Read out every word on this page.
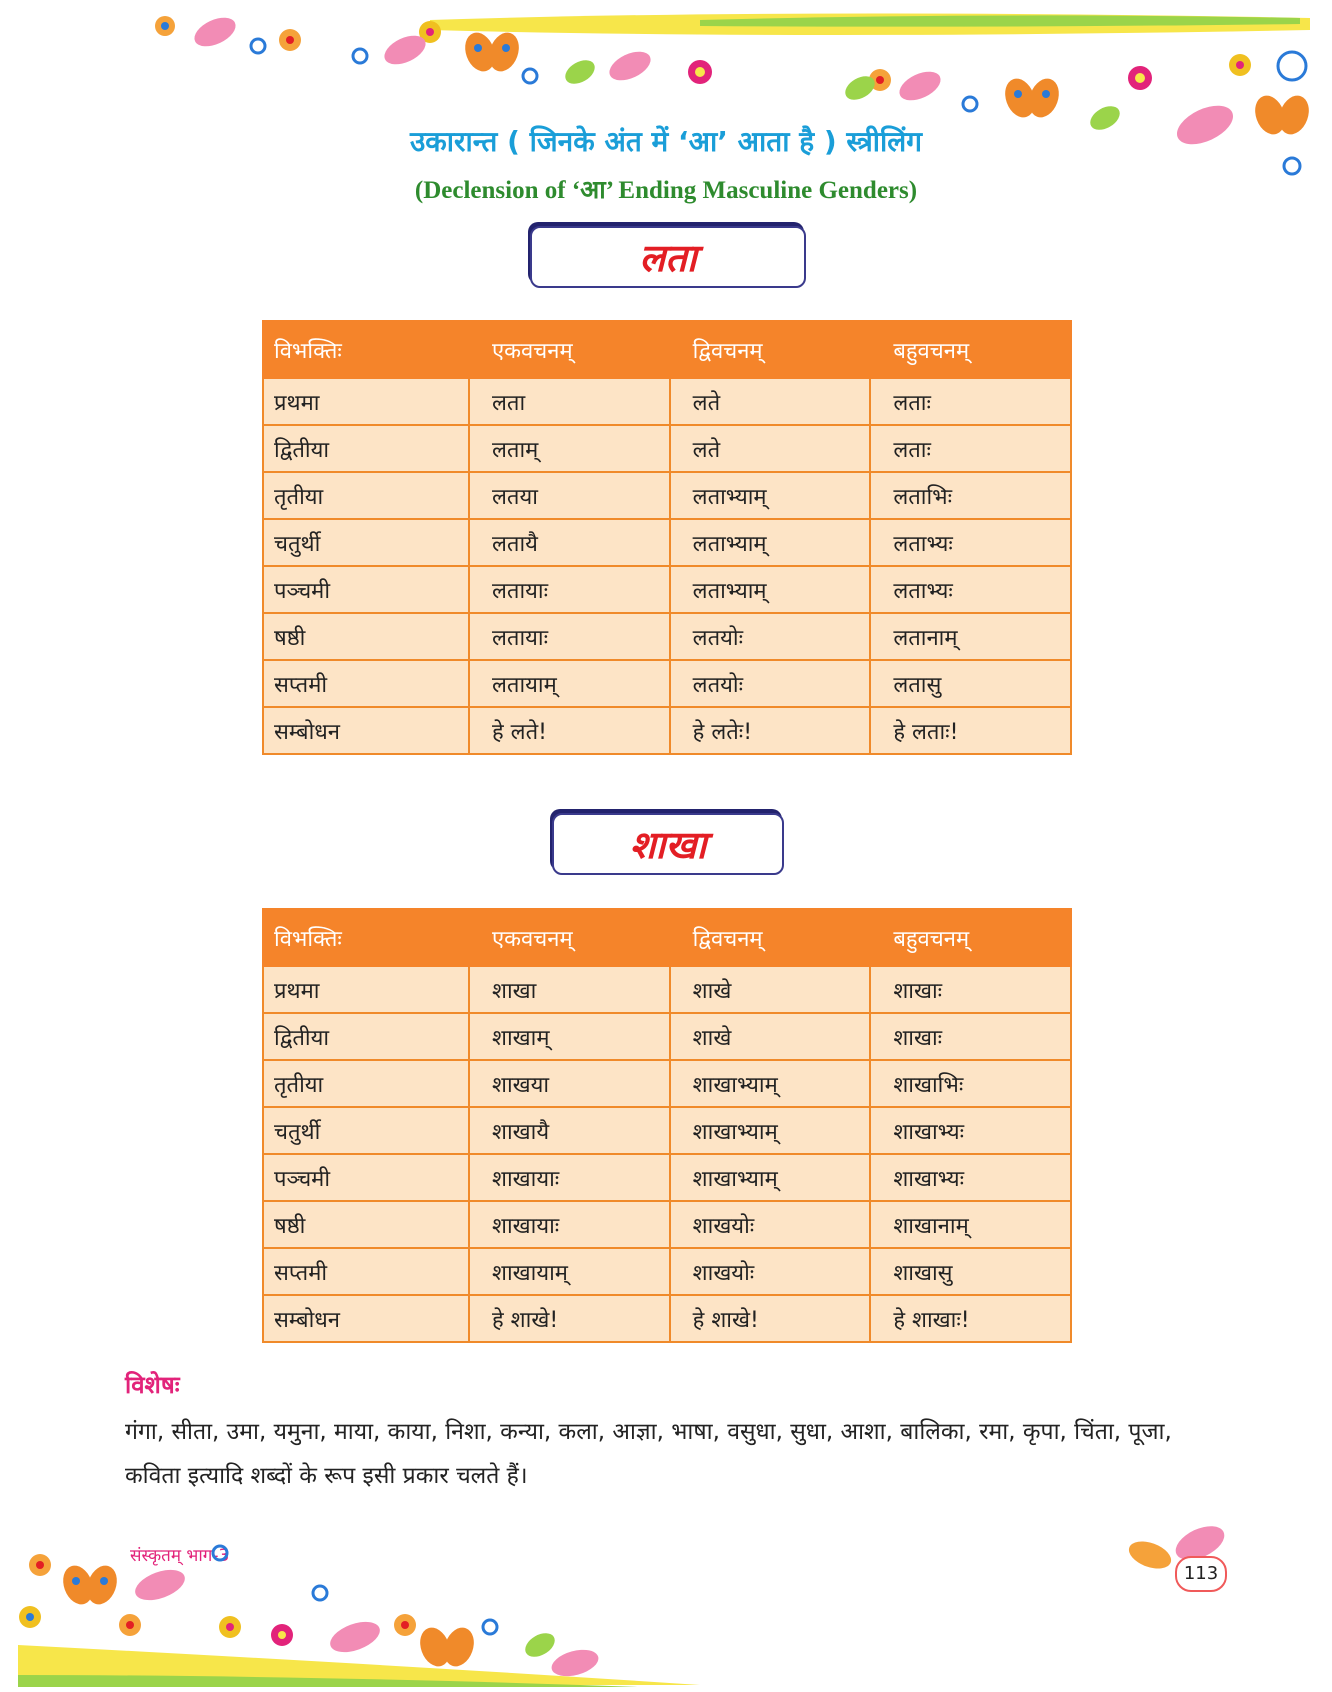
उकारान्त ( जिनके अंत में ‘आ’ आता है ) स्त्रीलिंग
(Declension of ‘आ’ Ending Masculine Genders)
लता
विभक्तिः	एकवचनम्	द्विवचनम्	बहुवचनम्
प्रथमा	लता	लते	लताः
द्वितीया	लताम्	लते	लताः
तृतीया	लतया	लताभ्याम्	लताभिः
चतुर्थी	लतायै	लताभ्याम्	लताभ्यः
पञ्चमी	लतायाः	लताभ्याम्	लताभ्यः
षष्ठी	लतायाः	लतयोः	लतानाम्
सप्तमी	लतायाम्	लतयोः	लतासु
सम्बोधन	हे लते!	हे लतेः!	हे लताः!
शाखा
विभक्तिः	एकवचनम्	द्विवचनम्	बहुवचनम्
प्रथमा	शाखा	शाखे	शाखाः
द्वितीया	शाखाम्	शाखे	शाखाः
तृतीया	शाखया	शाखाभ्याम्	शाखाभिः
चतुर्थी	शाखायै	शाखाभ्याम्	शाखाभ्यः
पञ्चमी	शाखायाः	शाखाभ्याम्	शाखाभ्यः
षष्ठी	शाखायाः	शाखयोः	शाखानाम्
सप्तमी	शाखायाम्	शाखयोः	शाखासु
सम्बोधन	हे शाखे!	हे शाखे!	हे शाखाः!
विशेषः
गंगा, सीता, उमा, यमुना, माया, काया, निशा, कन्या, कला, आज्ञा, भाषा, वसुधा, सुधा, आशा, बालिका, रमा, कृपा, चिंता, पूजा, कविता इत्यादि शब्दों के रूप इसी प्रकार चलते हैं।
संस्कृतम् भाग-3
113
